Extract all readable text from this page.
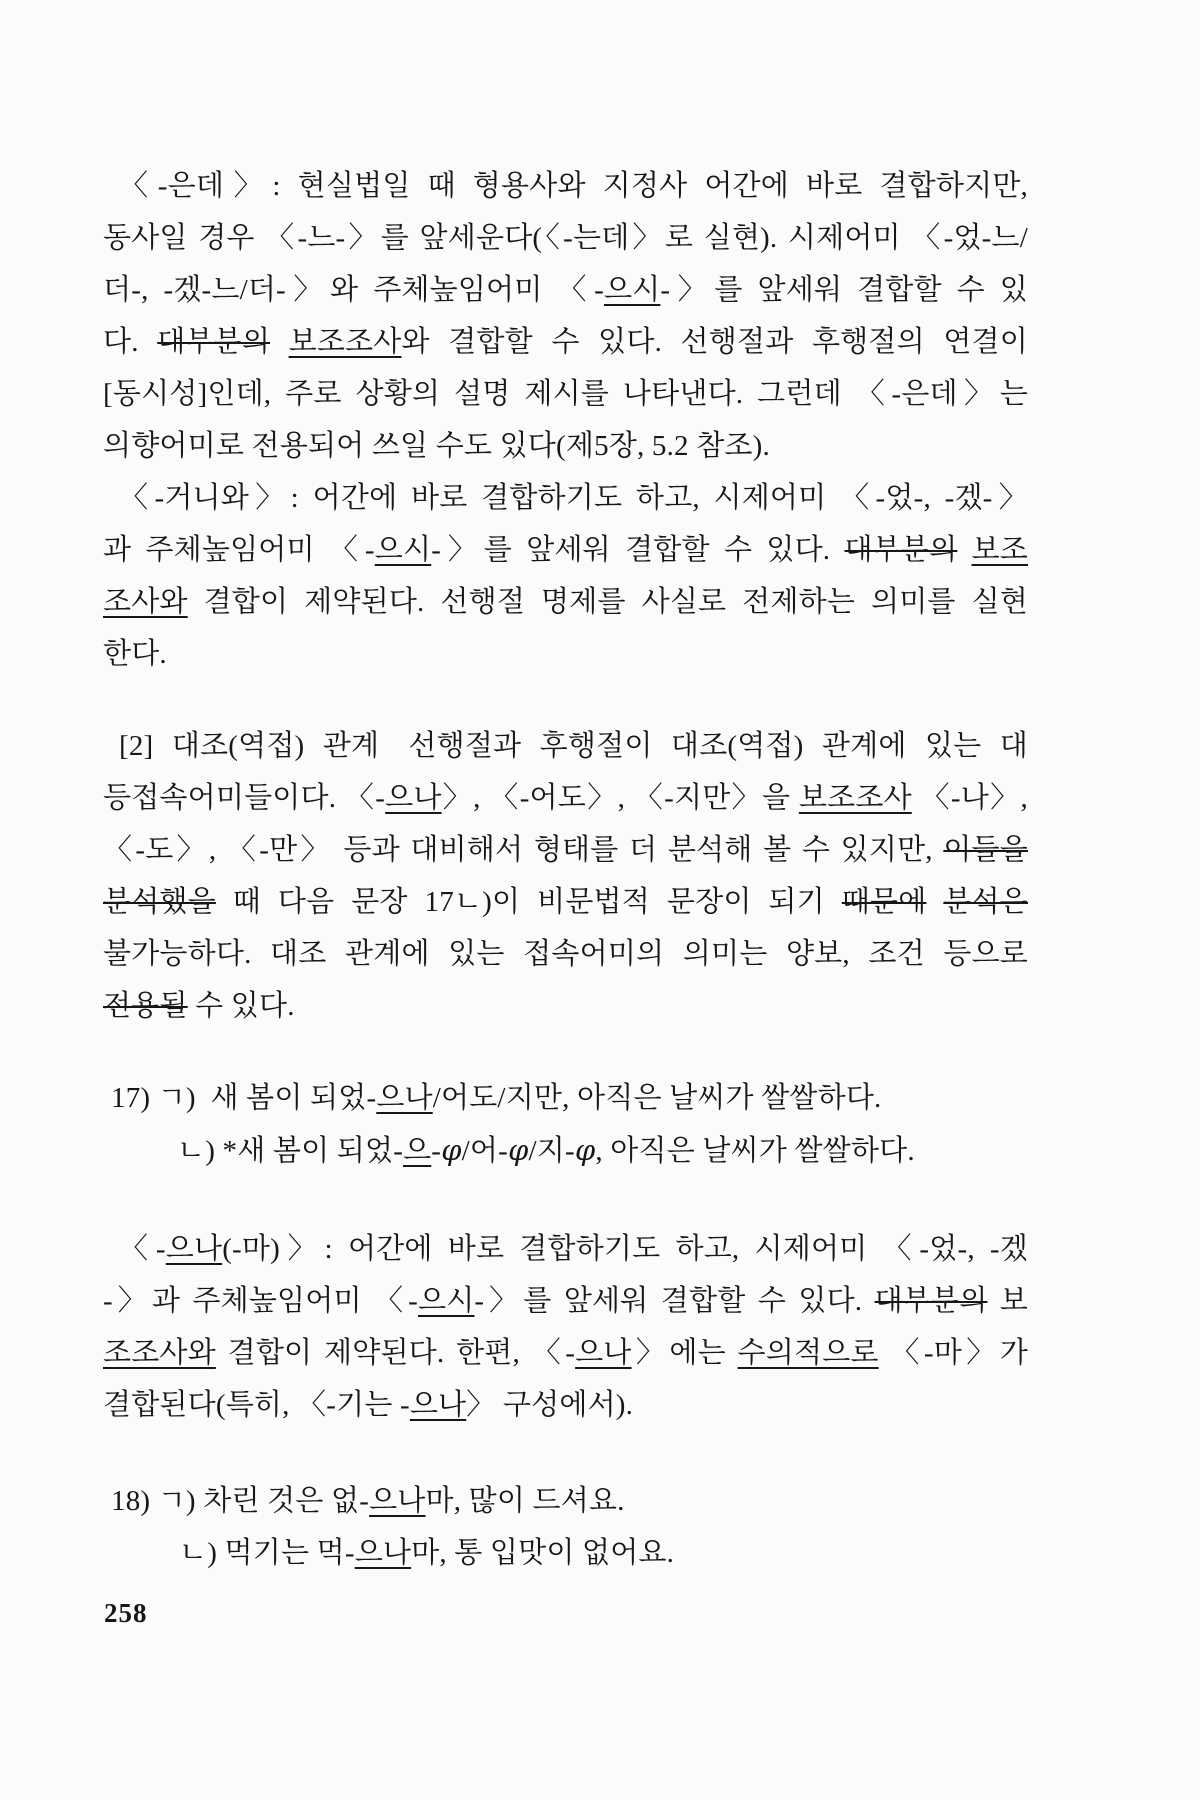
〈-은데〉: 현실법일 때 형용사와 지정사 어간에 바로 결합하지만,
동사일 경우 〈-느-〉를 앞세운다(〈-는데〉로 실현). 시제어미 〈-었-느/
더-, -겠-느/더-〉와 주체높임어미 〈-으시-〉를 앞세워 결합할 수 있
다. 대부분의 보조조사와 결합할 수 있다. 선행절과 후행절의 연결이
[동시성]인데, 주로 상황의 설명 제시를 나타낸다. 그런데 〈-은데〉는
의향어미로 전용되어 쓰일 수도 있다(제5장, 5.2 참조).
〈-거니와〉: 어간에 바로 결합하기도 하고, 시제어미 〈-었-, -겠-〉
과 주체높임어미 〈-으시-〉를 앞세워 결합할 수 있다. 대부분의 보조
조사와 결합이 제약된다. 선행절 명제를 사실로 전제하는 의미를 실현
한다.
[2] 대조(역접) 관계 선행절과 후행절이 대조(역접) 관계에 있는 대
등접속어미들이다. 〈-으나〉, 〈-어도〉, 〈-지만〉을 보조조사 〈-나〉,
〈-도〉, 〈-만〉 등과 대비해서 형태를 더 분석해 볼 수 있지만, 이들을
분석했을 때 다음 문장 17ㄴ)이 비문법적 문장이 되기 때문에 분석은
불가능하다. 대조 관계에 있는 접속어미의 의미는 양보, 조건 등으로
전용될 수 있다.
17) ㄱ) 새 봄이 되었-으나/어도/지만, 아직은 날씨가 쌀쌀하다.
ㄴ) *새 봄이 되었-으-φ/어-φ/지-φ, 아직은 날씨가 쌀쌀하다.
〈-으나(-마)〉: 어간에 바로 결합하기도 하고, 시제어미 〈-었-, -겠
-〉과 주체높임어미 〈-으시-〉를 앞세워 결합할 수 있다. 대부분의 보
조조사와 결합이 제약된다. 한편, 〈-으나〉에는 수의적으로 〈-마〉가
결합된다(특히, 〈-기는 -으나〉 구성에서).
18) ㄱ) 차린 것은 없-으나마, 많이 드셔요.
ㄴ) 먹기는 먹-으나마, 통 입맛이 없어요.
258
